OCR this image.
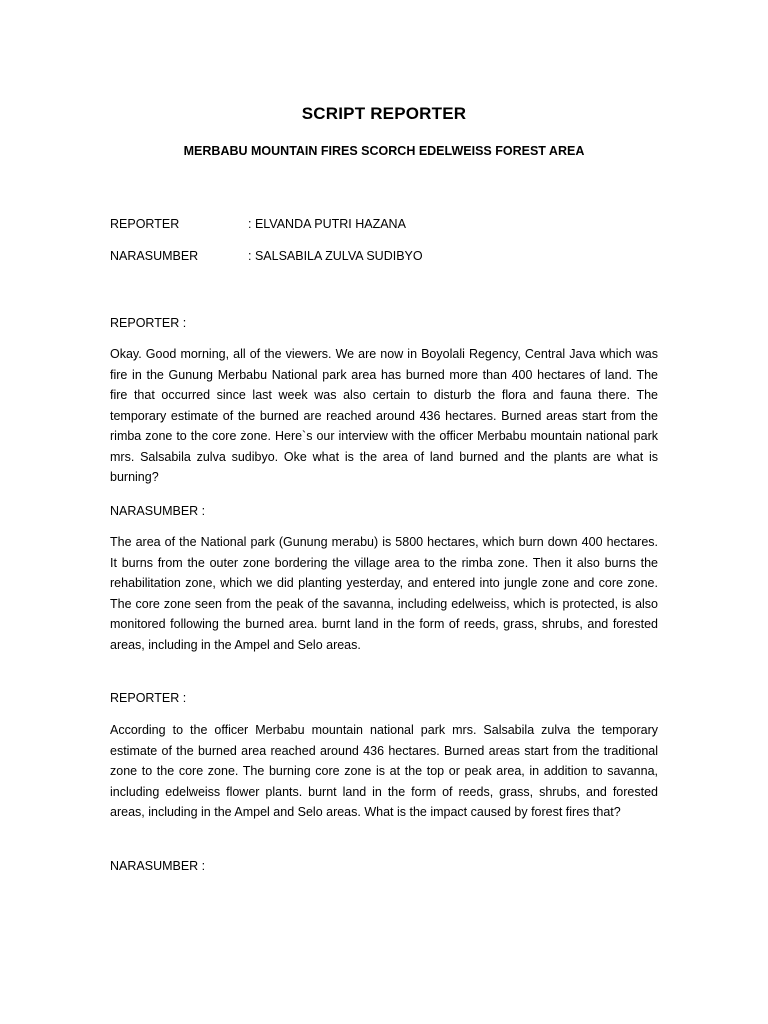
SCRIPT REPORTER
MERBABU MOUNTAIN FIRES SCORCH EDELWEISS FOREST AREA
REPORTER	: ELVANDA PUTRI HAZANA
NARASUMBER	: SALSABILA ZULVA SUDIBYO
REPORTER :
Okay. Good morning, all of the viewers. We are now in Boyolali Regency, Central Java which was fire in the Gunung Merbabu National park area has burned more than 400 hectares of land. The fire that occurred since last week was also certain to disturb the flora and fauna there. The temporary estimate of the burned are reached around 436 hectares. Burned areas start from the rimba zone to the core zone. Here`s our interview with the officer Merbabu mountain national park mrs. Salsabila zulva sudibyo. Oke what is the area of land burned and the plants are what is burning?
NARASUMBER :
The area of the National park (Gunung merabu) is 5800 hectares, which burn down 400 hectares. It burns from the outer zone bordering the village area to the rimba zone. Then it also burns the rehabilitation zone, which we did planting yesterday, and entered into jungle zone and core zone. The core zone seen from the peak of the savanna, including edelweiss, which is protected, is also monitored following the burned area. burnt land in the form of reeds, grass, shrubs, and forested areas, including in the Ampel and Selo areas.
REPORTER :
According to the officer Merbabu mountain national park mrs. Salsabila zulva the temporary estimate of the burned area reached around 436 hectares. Burned areas start from the traditional zone to the core zone. The burning core zone is at the top or peak area, in addition to savanna, including edelweiss flower plants. burnt land in the form of reeds, grass, shrubs, and forested areas, including in the Ampel and Selo areas. What is the impact caused by forest fires that?
NARASUMBER :
